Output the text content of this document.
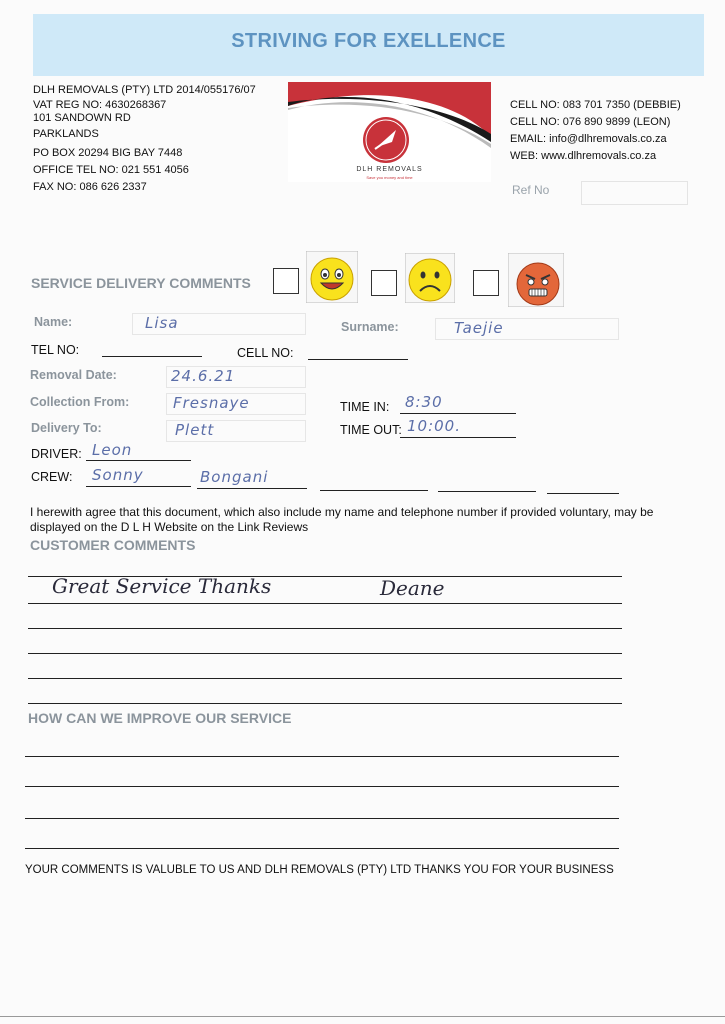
STRIVING FOR EXELLENCE
DLH REMOVALS (PTY) LTD 2014/055176/07
VAT REG NO: 4630268367
101 SANDOWN RD
PARKLANDS
PO BOX 20294 BIG BAY 7448
OFFICE TEL NO: 021 551 4056
FAX NO: 086 626 2337
DLH REMOVALS
Save you money and time
CELL NO: 083 701 7350 (DEBBIE)
CELL NO: 076 890 9899 (LEON)
EMAIL: info@dlhremovals.co.za
WEB: www.dlhremovals.co.za
Ref No
SERVICE DELIVERY COMMENTS
Name:	Lisa	Surname:	Taejie
TEL NO:	CELL NO:
Removal Date:	24.6.21
Collection From:	Fresnaye	TIME IN: 8:30
Delivery To:	Plett	TIME OUT: 10:00.
DRIVER: Leon
CREW: Sonny	Bongani
I herewith agree that this document, which also include my name and telephone number if provided voluntary, may be displayed on the D L H Website on the Link Reviews
CUSTOMER COMMENTS
Great Service Thanks	Deane
HOW CAN WE IMPROVE OUR SERVICE
YOUR COMMENTS IS VALUBLE TO US AND DLH REMOVALS (PTY) LTD THANKS YOU FOR YOUR BUSINESS
